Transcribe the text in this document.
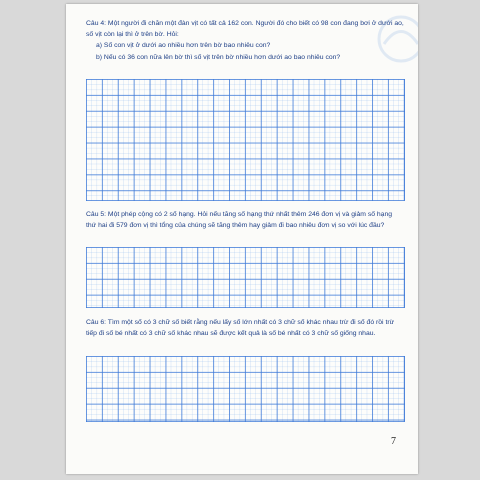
Câu 4: Một người đi chăn một đàn vịt có tất cả 162 con. Người đó cho biết có 98 con đang bơi ở dưới ao, số vịt còn lại thì ở trên bờ. Hỏi:

a) Số con vịt ở dưới ao nhiều hơn trên bờ bao nhiêu con?

b) Nếu có 36 con nữa lên bờ thì số vịt trên bờ nhiều hơn dưới ao bao nhiêu con?

Câu 5: Một phép cộng có 2 số hạng. Hỏi nếu tăng số hạng thứ nhất thêm 246 đơn vị và giảm số hạng thứ hai đi 579 đơn vị thì tổng của chúng sẽ tăng thêm hay giảm đi bao nhiêu đơn vị so với lúc đầu?

Câu 6: Tìm một số có 3 chữ số biết rằng nếu lấy số lớn nhất có 3 chữ số khác nhau trừ đi số đó rồi trừ tiếp đi số bé nhất có 3 chữ số khác nhau sẽ được kết quả là số bé nhất có 3 chữ số giống nhau.

7
